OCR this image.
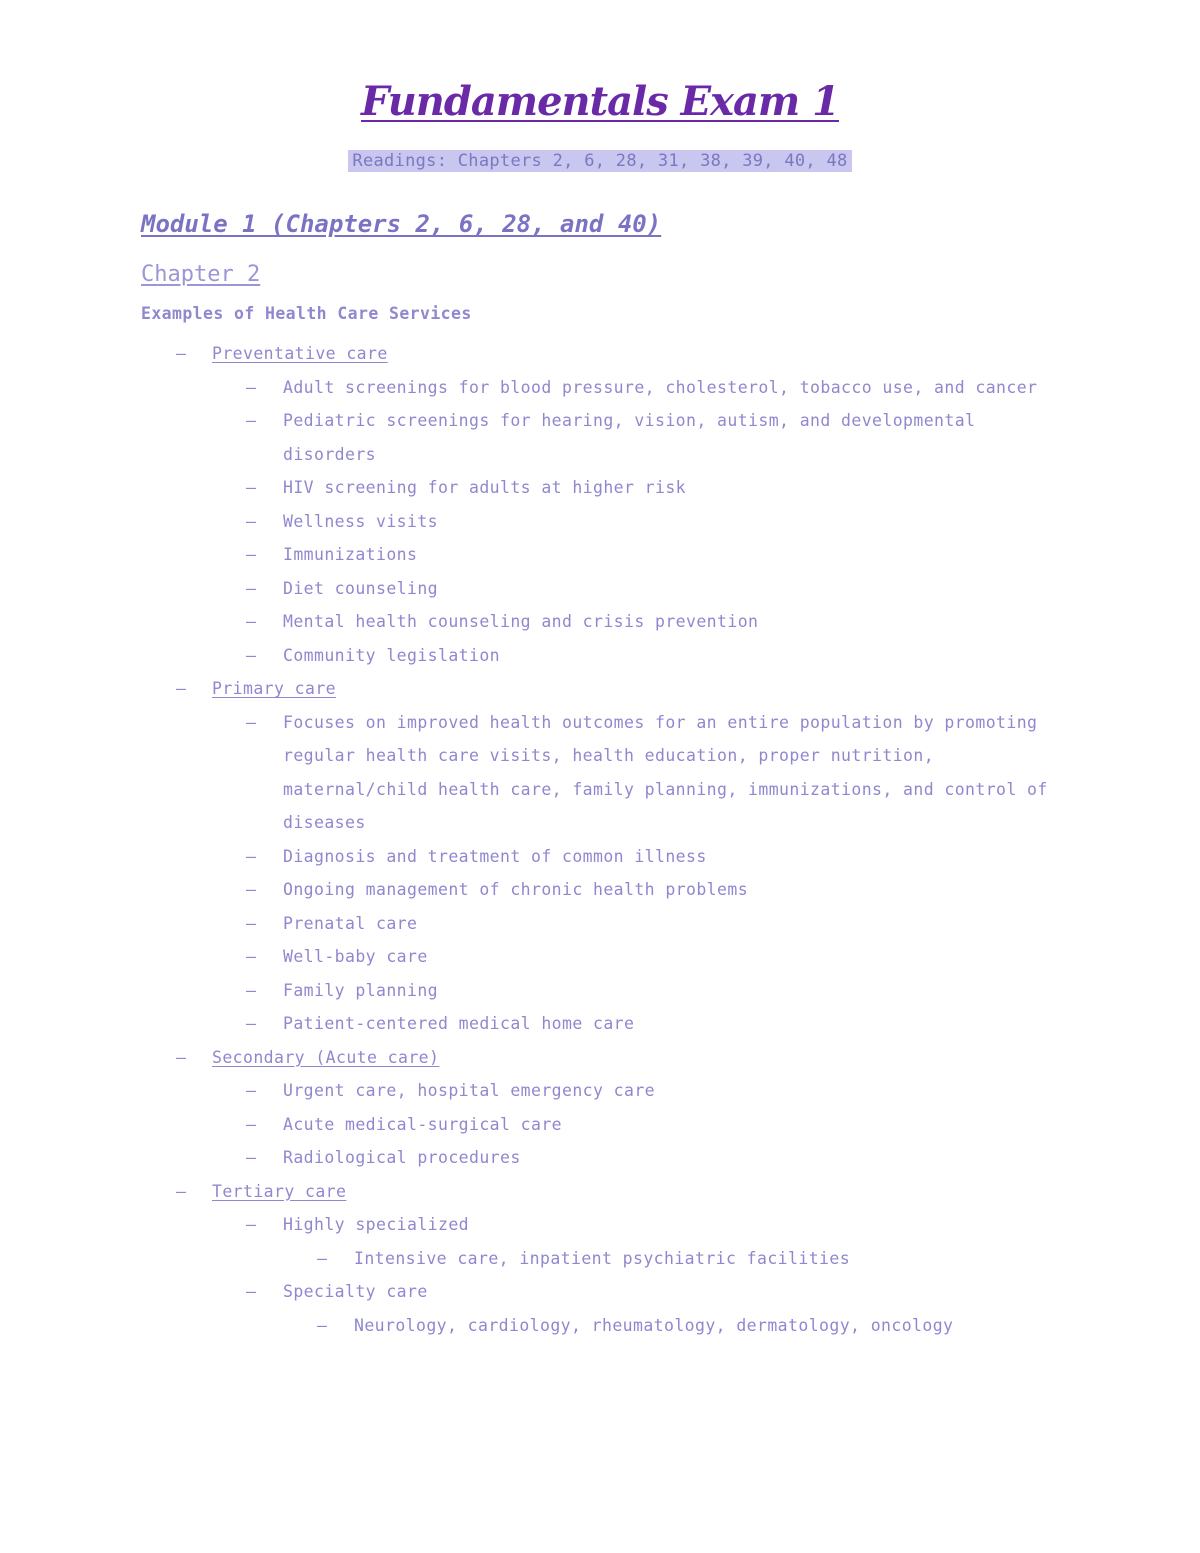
Fundamentals Exam 1
Readings: Chapters 2, 6, 28, 31, 38, 39, 40, 48
Module 1 (Chapters 2, 6, 28, and 40)
Chapter 2
Examples of Health Care Services
– Preventative care
– Adult screenings for blood pressure, cholesterol, tobacco use, and cancer
– Pediatric screenings for hearing, vision, autism, and developmental disorders
– HIV screening for adults at higher risk
– Wellness visits
– Immunizations
– Diet counseling
– Mental health counseling and crisis prevention
– Community legislation
– Primary care
– Focuses on improved health outcomes for an entire population by promoting regular health care visits, health education, proper nutrition, maternal/child health care, family planning, immunizations, and control of diseases
– Diagnosis and treatment of common illness
– Ongoing management of chronic health problems
– Prenatal care
– Well-baby care
– Family planning
– Patient-centered medical home care
– Secondary (Acute care)
– Urgent care, hospital emergency care
– Acute medical-surgical care
– Radiological procedures
– Tertiary care
– Highly specialized
– Intensive care, inpatient psychiatric facilities
– Specialty care
– Neurology, cardiology, rheumatology, dermatology, oncology
